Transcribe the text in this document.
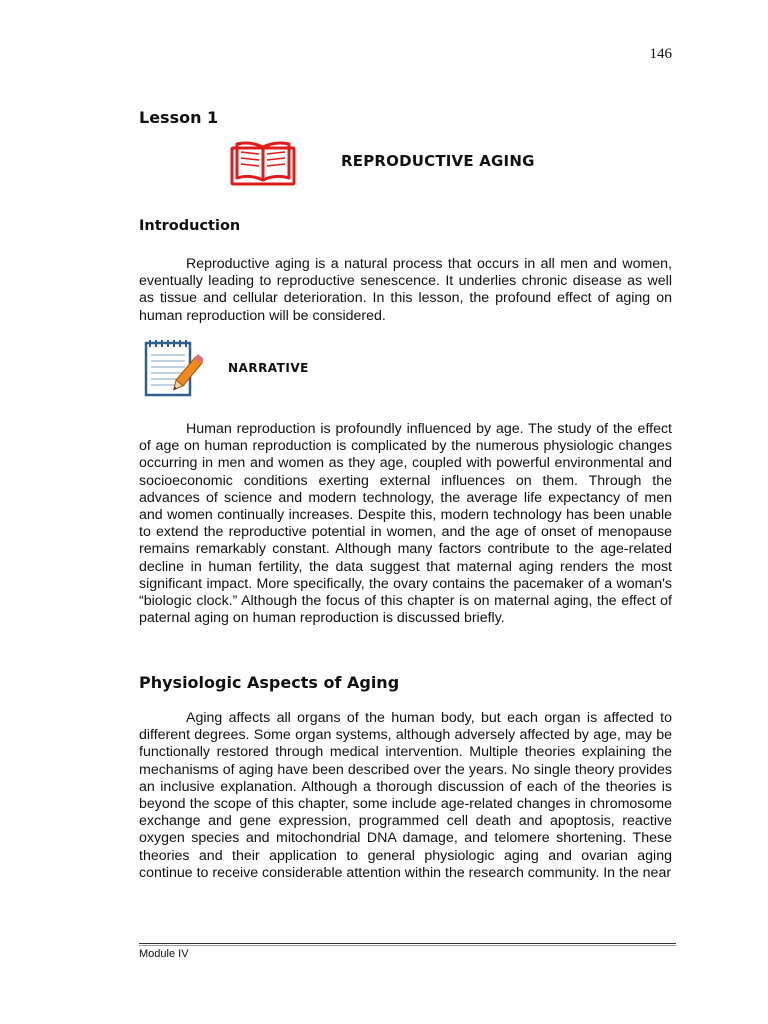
146
Lesson 1
REPRODUCTIVE AGING
Introduction

Reproductive aging is a natural process that occurs in all men and women, eventually leading to reproductive senescence. It underlies chronic disease as well as tissue and cellular deterioration. In this lesson, the profound effect of aging on human reproduction will be considered.

NARRATIVE

Human reproduction is profoundly influenced by age. The study of the effect of age on human reproduction is complicated by the numerous physiologic changes occurring in men and women as they age, coupled with powerful environmental and socioeconomic conditions exerting external influences on them. Through the advances of science and modern technology, the average life expectancy of men and women continually increases. Despite this, modern technology has been unable to extend the reproductive potential in women, and the age of onset of menopause remains remarkably constant. Although many factors contribute to the age-related decline in human fertility, the data suggest that maternal aging renders the most significant impact. More specifically, the ovary contains the pacemaker of a woman's “biologic clock.” Although the focus of this chapter is on maternal aging, the effect of paternal aging on human reproduction is discussed briefly.

Physiologic Aspects of Aging

Aging affects all organs of the human body, but each organ is affected to different degrees. Some organ systems, although adversely affected by age, may be functionally restored through medical intervention. Multiple theories explaining the mechanisms of aging have been described over the years. No single theory provides an inclusive explanation. Although a thorough discussion of each of the theories is beyond the scope of this chapter, some include age-related changes in chromosome exchange and gene expression, programmed cell death and apoptosis, reactive oxygen species and mitochondrial DNA damage, and telomere shortening. These theories and their application to general physiologic aging and ovarian aging continue to receive considerable attention within the research community. In the near

Module IV
